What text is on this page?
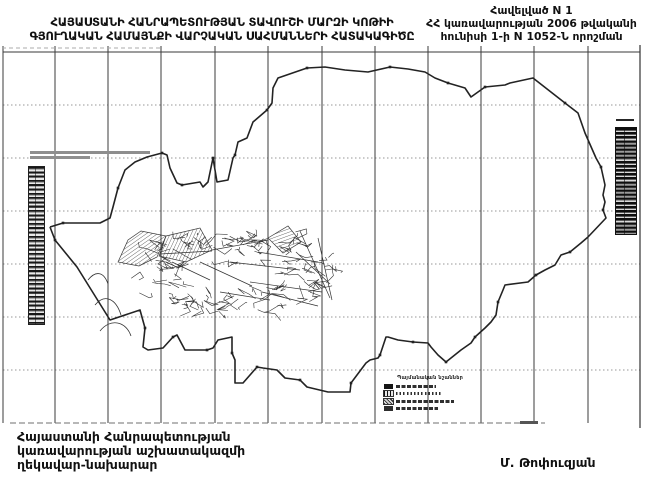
ՀԱՅԱՍՏԱՆԻ ՀԱՆՐԱՊԵՏՈՒԹՅԱՆ ՏԱՎՈՒՇԻ ՄԱՐԶԻ ԿՈԹԻԻ
ԳՅՈՒՂԱԿԱՆ ՀԱՄԱՅՆՔԻ ՎԱՐՉԱԿԱՆ ՍԱՀՄԱՆՆԵՐԻ ՀԱՏԱԿԱԳԻԾԸ
Հավելված N 1
ՀՀ կառավարության 2006 թվականի
հունիսի 1-ի N 1052-Ն որոշման
Պայմանական նշաններ
Հայաստանի Հանրապետության
կառավարության աշխատակազմի
ղեկավար-նախարար	Մ. Թոփուզյան
